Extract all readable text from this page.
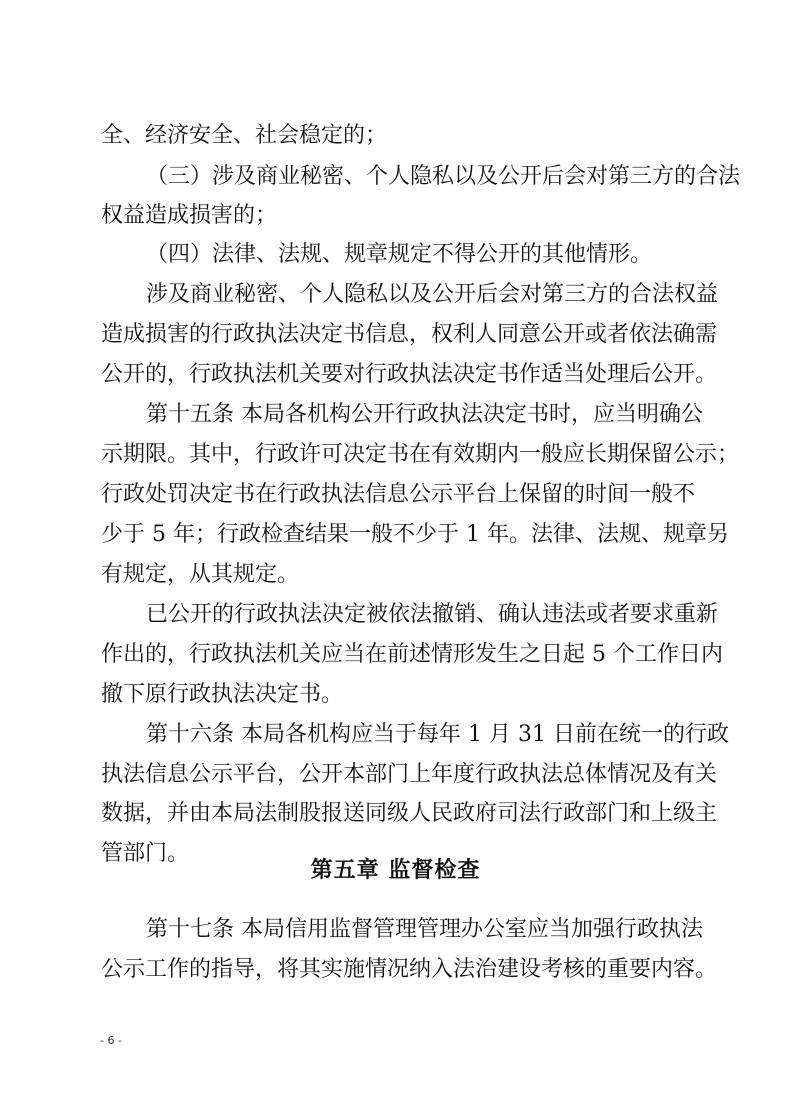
全、经济安全、社会稳定的；
（三）涉及商业秘密、个人隐私以及公开后会对第三方的合法
权益造成损害的；
（四）法律、法规、规章规定不得公开的其他情形。
涉及商业秘密、个人隐私以及公开后会对第三方的合法权益
造成损害的行政执法决定书信息，权利人同意公开或者依法确需
公开的，行政执法机关要对行政执法决定书作适当处理后公开。
第十五条 本局各机构公开行政执法决定书时，应当明确公
示期限。其中，行政许可决定书在有效期内一般应长期保留公示；
行政处罚决定书在行政执法信息公示平台上保留的时间一般不
少于 5 年；行政检查结果一般不少于 1 年。法律、法规、规章另
有规定，从其规定。
已公开的行政执法决定被依法撤销、确认违法或者要求重新
作出的，行政执法机关应当在前述情形发生之日起 5 个工作日内
撤下原行政执法决定书。
第十六条 本局各机构应当于每年 1 月 31 日前在统一的行政
执法信息公示平台，公开本部门上年度行政执法总体情况及有关
数据，并由本局法制股报送同级人民政府司法行政部门和上级主
管部门。
第五章 监督检查
第十七条 本局信用监督管理管理办公室应当加强行政执法
公示工作的指导，将其实施情况纳入法治建设考核的重要内容。
- 6 -
